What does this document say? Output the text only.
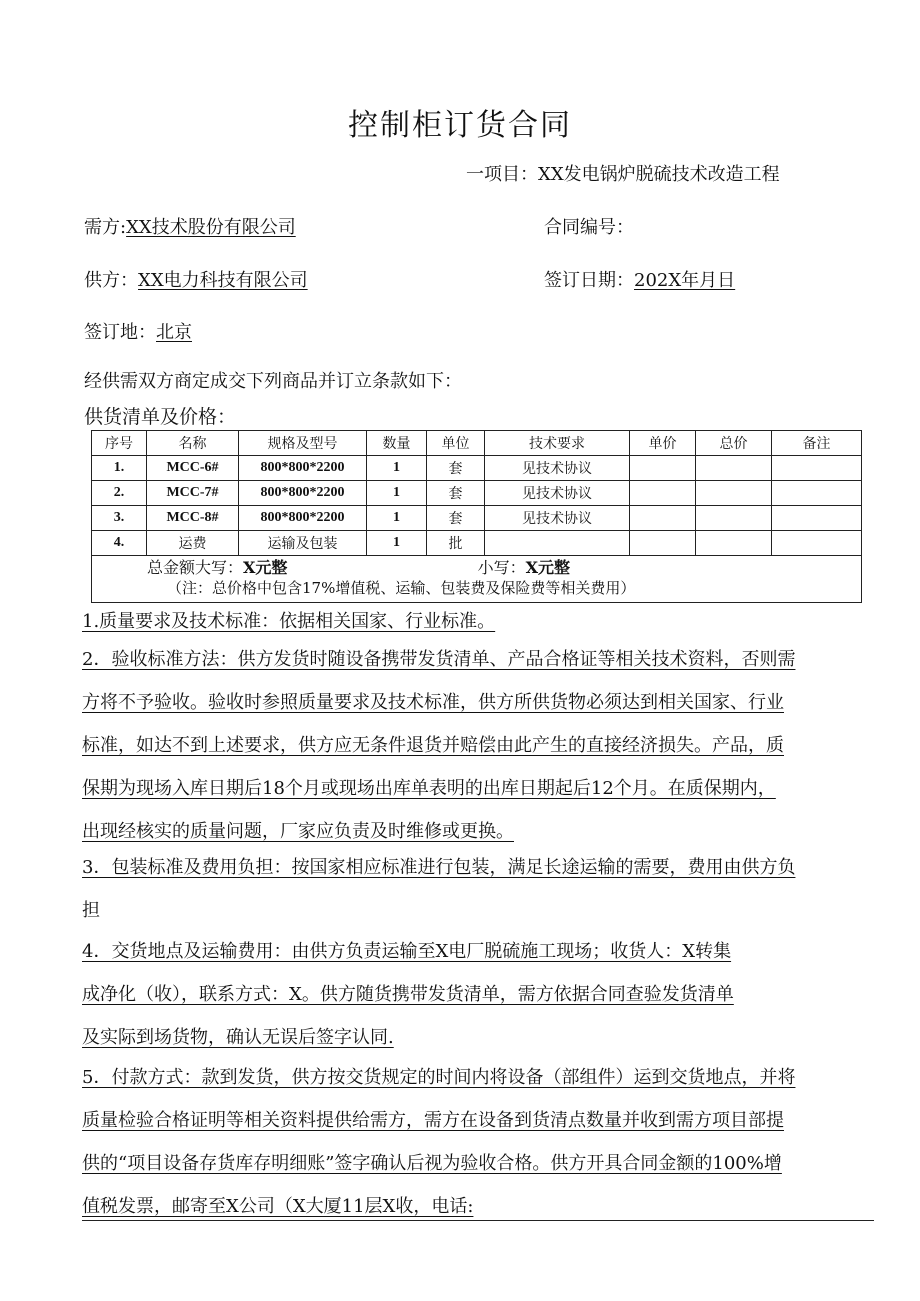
控制柜订货合同
一项目：XX发电锅炉脱硫技术改造工程
需方:XX技术股份有限公司	合同编号：
供方：XX电力科技有限公司	签订日期：202X年月日
签订地：北京
经供需双方商定成交下列商品并订立条款如下：
供货清单及价格：
序号	名称	规格及型号	数量	单位	技术要求	单价	总价	备注
1.	MCC-6#	800*800*2200	1	套	见技术协议			
2.	MCC-7#	800*800*2200	1	套	见技术协议			
3.	MCC-8#	800*800*2200	1	套	见技术协议			
4.	运费	运输及包装	1	批				

总金额大写：X元整 小写：X元整
（注：总价格中包含17%增值税、运输、包装费及保险费等相关费用）								
1.质量要求及技术标准：依据相关国家、行业标准。
2．验收标准方法：供方发货时随设备携带发货清单、产品合格证等相关技术资料，否则需
方将不予验收。验收时参照质量要求及技术标准，供方所供货物必须达到相关国家、行业
标准，如达不到上述要求，供方应无条件退货并赔偿由此产生的直接经济损失。产品，质
保期为现场入库日期后18个月或现场出库单表明的出库日期起后12个月。在质保期内，
出现经核实的质量问题，厂家应负责及时维修或更换。
3．包装标准及费用负担：按国家相应标准进行包装，满足长途运输的需要，费用由供方负
担
4．交货地点及运输费用：由供方负责运输至X电厂脱硫施工现场；收货人：X转集
成净化（收），联系方式：X。供方随货携带发货清单，需方依据合同查验发货清单
及实际到场货物，确认无误后签字认同.
5．付款方式：款到发货，供方按交货规定的时间内将设备（部组件）运到交货地点，并将
质量检验合格证明等相关资料提供给需方，需方在设备到货清点数量并收到需方项目部提
供的“项目设备存货库存明细账”签字确认后视为验收合格。供方开具合同金额的100%增
值税发票，邮寄至X公司（X大厦11层X收，电话:
